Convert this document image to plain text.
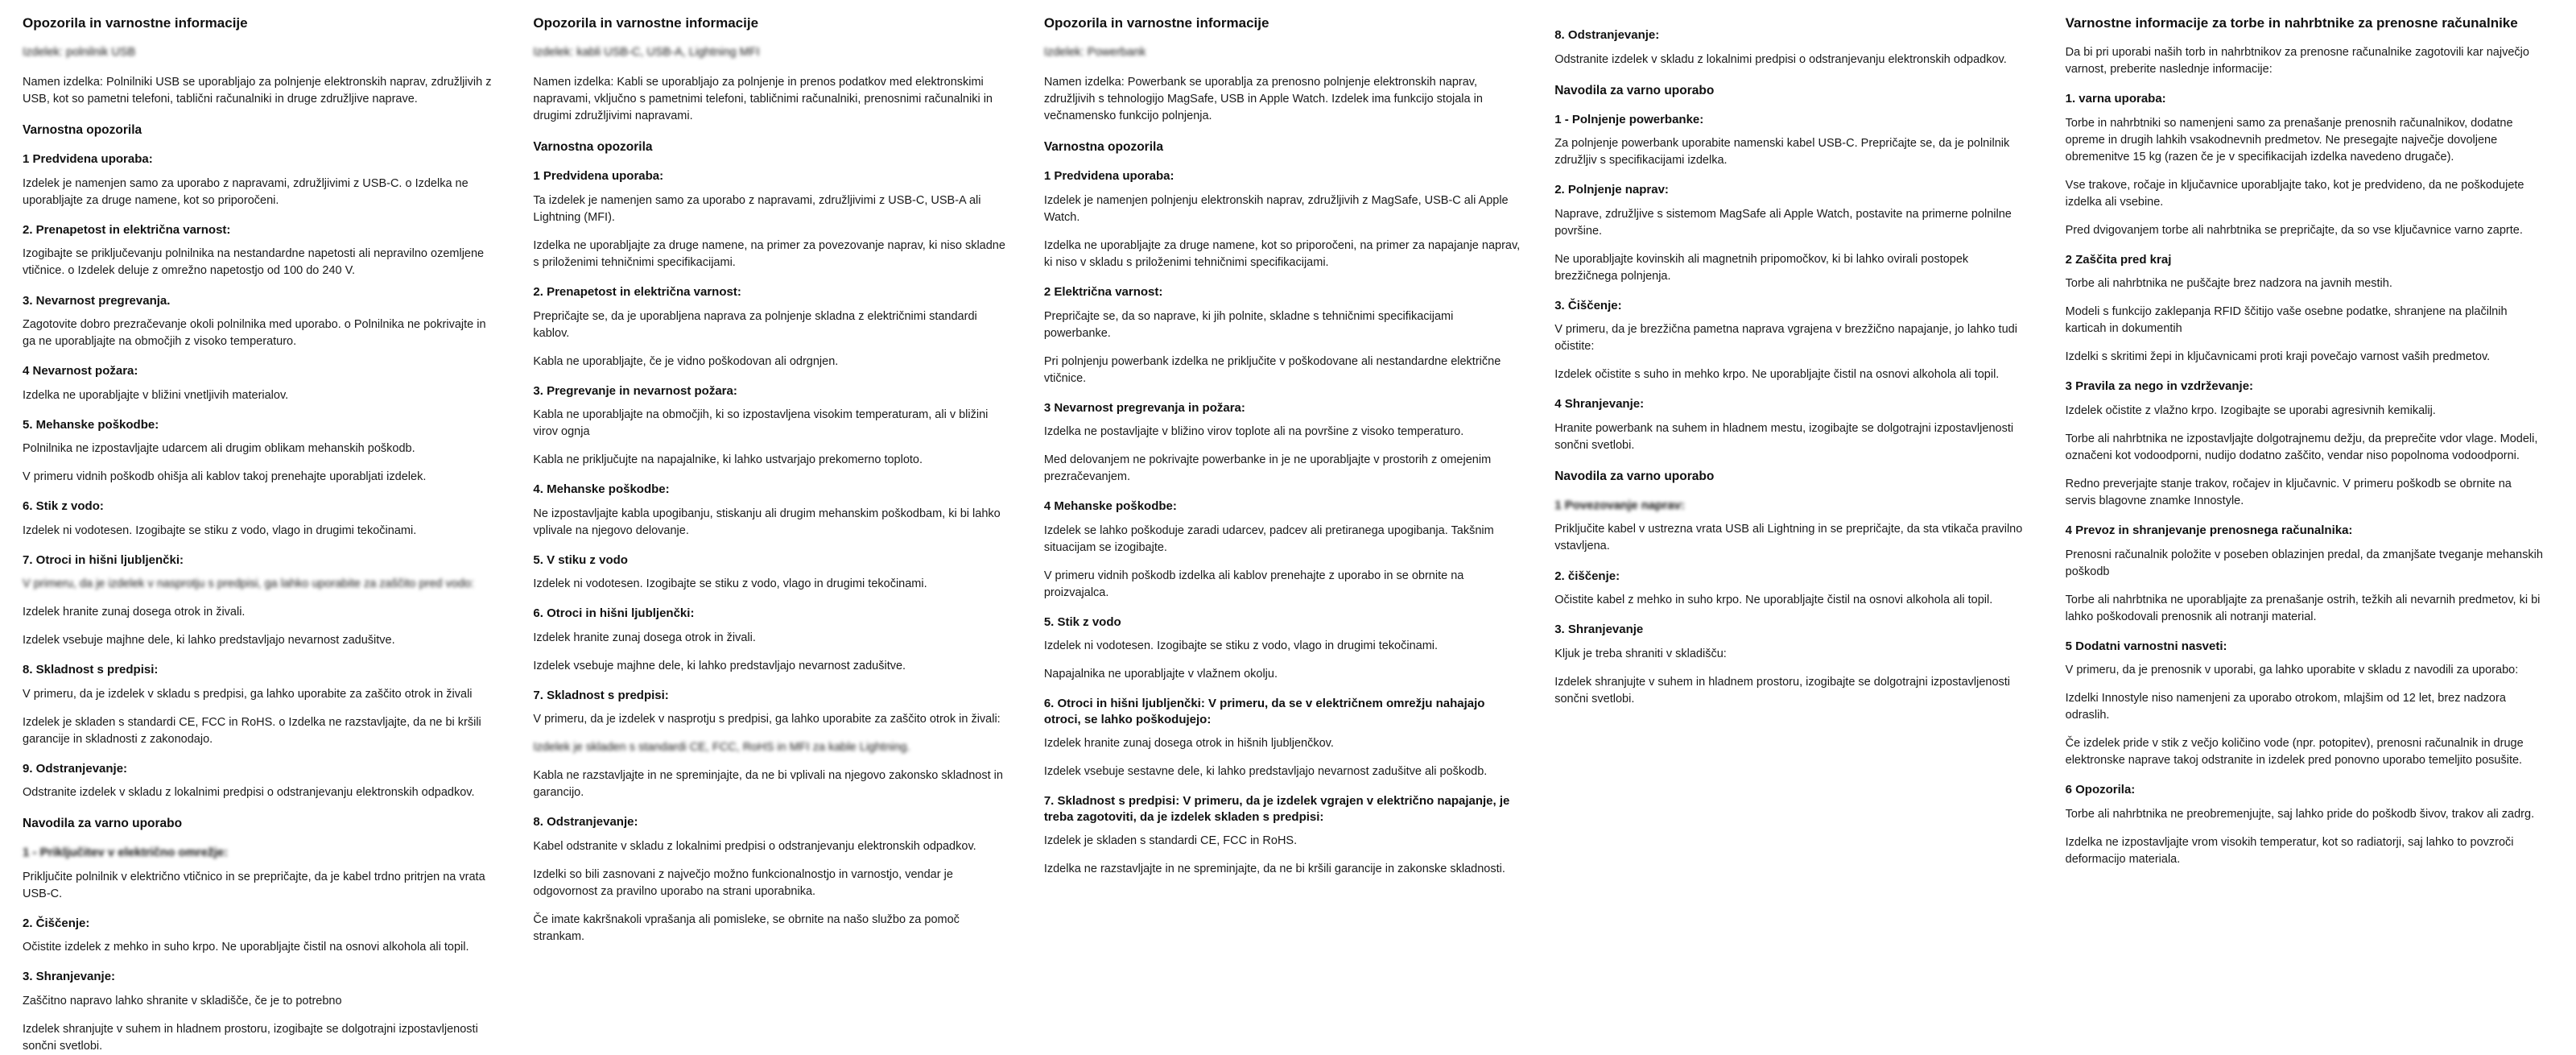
Opozorila in varnostne informacije

Izdelek: polnilnik USB

Namen izdelka: Polnilniki USB se uporabljajo za polnjenje elektronskih naprav, združljivih z USB, kot so pametni telefoni, tablični računalniki in druge združljive naprave.

Varnostna opozorila
1 Predvidena uporaba:

Izdelek je namenjen samo za uporabo z napravami, združljivimi z USB-C. o Izdelka ne uporabljajte za druge namene, kot so priporočeni.

2. Prenapetost in električna varnost:

Izogibajte se priključevanju polnilnika na nestandardne napetosti ali nepravilno ozemljene vtičnice. o Izdelek deluje z omrežno napetostjo od 100 do 240 V.

3. Nevarnost pregrevanja.

Zagotovite dobro prezračevanje okoli polnilnika med uporabo. o Polnilnika ne pokrivajte in ga ne uporabljajte na območjih z visoko temperaturo.

4 Nevarnost požara:

Izdelka ne uporabljajte v bližini vnetljivih materialov.

5. Mehanske poškodbe:

Polnilnika ne izpostavljajte udarcem ali drugim oblikam mehanskih poškodb.

V primeru vidnih poškodb ohišja ali kablov takoj prenehajte uporabljati izdelek.

6. Stik z vodo:

Izdelek ni vodotesen. Izogibajte se stiku z vodo, vlago in drugimi tekočinami.

7. Otroci in hišni ljubljenčki:

V primeru, da je izdelek v nasprotju s predpisi, ga lahko uporabite za zaščito pred vodo:

Izdelek hranite zunaj dosega otrok in živali.

Izdelek vsebuje majhne dele, ki lahko predstavljajo nevarnost zadušitve.

8. Skladnost s predpisi:

V primeru, da je izdelek v skladu s predpisi, ga lahko uporabite za zaščito otrok in živali

Izdelek je skladen s standardi CE, FCC in RoHS. o Izdelka ne razstavljajte, da ne bi kršili garancije in skladnosti z zakonodajo.

9. Odstranjevanje:

Odstranite izdelek v skladu z lokalnimi predpisi o odstranjevanju elektronskih odpadkov.

Navodila za varno uporabo
1 - Priključitev v električno omrežje:

Priključite polnilnik v električno vtičnico in se prepričajte, da je kabel trdno pritrjen na vrata USB-C.

2. Čiščenje:

Očistite izdelek z mehko in suho krpo. Ne uporabljajte čistil na osnovi alkohola ali topil.

3. Shranjevanje:

Zaščitno napravo lahko shranite v skladišče, če je to potrebno

Izdelek shranjujte v suhem in hladnem prostoru, izogibajte se dolgotrajni izpostavljenosti sončni svetlobi.

Opozorila in varnostne informacije

Izdelek: kabli USB-C, USB-A, Lightning MFI

Namen izdelka: Kabli se uporabljajo za polnjenje in prenos podatkov med elektronskimi napravami, vključno s pametnimi telefoni, tabličnimi računalniki, prenosnimi računalniki in drugimi združljivimi napravami.

Varnostna opozorila
1 Predvidena uporaba:

Ta izdelek je namenjen samo za uporabo z napravami, združljivimi z USB-C, USB-A ali Lightning (MFI).

Izdelka ne uporabljajte za druge namene, na primer za povezovanje naprav, ki niso skladne s priloženimi tehničnimi specifikacijami.

2. Prenapetost in električna varnost:

Prepričajte se, da je uporabljena naprava za polnjenje skladna z električnimi standardi kablov.

Kabla ne uporabljajte, če je vidno poškodovan ali odrgnjen.

3. Pregrevanje in nevarnost požara:

Kabla ne uporabljajte na območjih, ki so izpostavljena visokim temperaturam, ali v bližini virov ognja

Kabla ne priključujte na napajalnike, ki lahko ustvarjajo prekomerno toploto.

4. Mehanske poškodbe:

Ne izpostavljajte kabla upogibanju, stiskanju ali drugim mehanskim poškodbam, ki bi lahko vplivale na njegovo delovanje.

5. V stiku z vodo

Izdelek ni vodotesen. Izogibajte se stiku z vodo, vlago in drugimi tekočinami.

6. Otroci in hišni ljubljenčki:

Izdelek hranite zunaj dosega otrok in živali.

Izdelek vsebuje majhne dele, ki lahko predstavljajo nevarnost zadušitve.

7. Skladnost s predpisi:

V primeru, da je izdelek v nasprotju s predpisi, ga lahko uporabite za zaščito otrok in živali:

Izdelek je skladen s standardi CE, FCC, RoHS in MFI za kable Lightning.

Kabla ne razstavljajte in ne spreminjajte, da ne bi vplivali na njegovo zakonsko skladnost in garancijo.

8. Odstranjevanje:

Kabel odstranite v skladu z lokalnimi predpisi o odstranjevanju elektronskih odpadkov.

Izdelki so bili zasnovani z največjo možno funkcionalnostjo in varnostjo, vendar je odgovornost za pravilno uporabo na strani uporabnika.

Če imate kakršnakoli vprašanja ali pomisleke, se obrnite na našo službo za pomoč strankam.

Opozorila in varnostne informacije

Izdelek: Powerbank

Namen izdelka: Powerbank se uporablja za prenosno polnjenje elektronskih naprav, združljivih s tehnologijo MagSafe, USB in Apple Watch. Izdelek ima funkcijo stojala in večnamensko funkcijo polnjenja.

Varnostna opozorila
1 Predvidena uporaba:

Izdelek je namenjen polnjenju elektronskih naprav, združljivih z MagSafe, USB-C ali Apple Watch.

Izdelka ne uporabljajte za druge namene, kot so priporočeni, na primer za napajanje naprav, ki niso v skladu s priloženimi tehničnimi specifikacijami.

2 Električna varnost:

Prepričajte se, da so naprave, ki jih polnite, skladne s tehničnimi specifikacijami powerbanke.

Pri polnjenju powerbank izdelka ne priključite v poškodovane ali nestandardne električne vtičnice.

3 Nevarnost pregrevanja in požara:

Izdelka ne postavljajte v bližino virov toplote ali na površine z visoko temperaturo.

Med delovanjem ne pokrivajte powerbanke in je ne uporabljajte v prostorih z omejenim prezračevanjem.

4 Mehanske poškodbe:

Izdelek se lahko poškoduje zaradi udarcev, padcev ali pretiranega upogibanja. Takšnim situacijam se izogibajte.

V primeru vidnih poškodb izdelka ali kablov prenehajte z uporabo in se obrnite na proizvajalca.

5. Stik z vodo

Izdelek ni vodotesen. Izogibajte se stiku z vodo, vlago in drugimi tekočinami.

Napajalnika ne uporabljajte v vlažnem okolju.

6. Otroci in hišni ljubljenčki: V primeru, da se v električnem omrežju nahajajo otroci, se lahko poškodujejo:

Izdelek hranite zunaj dosega otrok in hišnih ljubljenčkov.

Izdelek vsebuje sestavne dele, ki lahko predstavljajo nevarnost zadušitve ali poškodb.

7. Skladnost s predpisi: V primeru, da je izdelek vgrajen v električno napajanje, je treba zagotoviti, da je izdelek skladen s predpisi:

Izdelek je skladen s standardi CE, FCC in RoHS.

Izdelka ne razstavljajte in ne spreminjajte, da ne bi kršili garancije in zakonske skladnosti.

8. Odstranjevanje:

Odstranite izdelek v skladu z lokalnimi predpisi o odstranjevanju elektronskih odpadkov.

Navodila za varno uporabo
1 - Polnjenje powerbanke:

Za polnjenje powerbank uporabite namenski kabel USB-C. Prepričajte se, da je polnilnik združljiv s specifikacijami izdelka.

2. Polnjenje naprav:

Naprave, združljive s sistemom MagSafe ali Apple Watch, postavite na primerne polnilne površine.

Ne uporabljajte kovinskih ali magnetnih pripomočkov, ki bi lahko ovirali postopek brezžičnega polnjenja.

3. Čiščenje:

V primeru, da je brezžična pametna naprava vgrajena v brezžično napajanje, jo lahko tudi očistite:

Izdelek očistite s suho in mehko krpo. Ne uporabljajte čistil na osnovi alkohola ali topil.

4 Shranjevanje:

Hranite powerbank na suhem in hladnem mestu, izogibajte se dolgotrajni izpostavljenosti sončni svetlobi.

Navodila za varno uporabo
1 Povezovanje naprav:

Priključite kabel v ustrezna vrata USB ali Lightning in se prepričajte, da sta vtikača pravilno vstavljena.

2. čiščenje:

Očistite kabel z mehko in suho krpo. Ne uporabljajte čistil na osnovi alkohola ali topil.

3. Shranjevanje

Kljuk je treba shraniti v skladišču:

Izdelek shranjujte v suhem in hladnem prostoru, izogibajte se dolgotrajni izpostavljenosti sončni svetlobi.

Varnostne informacije za torbe in nahrbtnike za prenosne računalnike

Da bi pri uporabi naših torb in nahrbtnikov za prenosne računalnike zagotovili kar največjo varnost, preberite naslednje informacije:

1. varna uporaba:

Torbe in nahrbtniki so namenjeni samo za prenašanje prenosnih računalnikov, dodatne opreme in drugih lahkih vsakodnevnih predmetov. Ne presegajte največje dovoljene obremenitve 15 kg (razen če je v specifikacijah izdelka navedeno drugače).

Vse trakove, ročaje in ključavnice uporabljajte tako, kot je predvideno, da ne poškodujete izdelka ali vsebine.

Pred dvigovanjem torbe ali nahrbtnika se prepričajte, da so vse ključavnice varno zaprte.

2 Zaščita pred kraj

Torbe ali nahrbtnika ne puščajte brez nadzora na javnih mestih.

Modeli s funkcijo zaklepanja RFID ščitijo vaše osebne podatke, shranjene na plačilnih karticah in dokumentih

Izdelki s skritimi žepi in ključavnicami proti kraji povečajo varnost vaših predmetov.

3 Pravila za nego in vzdrževanje:

Izdelek očistite z vlažno krpo. Izogibajte se uporabi agresivnih kemikalij.

Torbe ali nahrbtnika ne izpostavljajte dolgotrajnemu dežju, da preprečite vdor vlage. Modeli, označeni kot vodoodporni, nudijo dodatno zaščito, vendar niso popolnoma vodoodporni.

Redno preverjajte stanje trakov, ročajev in ključavnic. V primeru poškodb se obrnite na servis blagovne znamke Innostyle.

4 Prevoz in shranjevanje prenosnega računalnika:

Prenosni računalnik položite v poseben oblazinjen predal, da zmanjšate tveganje mehanskih poškodb

Torbe ali nahrbtnika ne uporabljajte za prenašanje ostrih, težkih ali nevarnih predmetov, ki bi lahko poškodovali prenosnik ali notranji material.

5 Dodatni varnostni nasveti:

V primeru, da je prenosnik v uporabi, ga lahko uporabite v skladu z navodili za uporabo:

Izdelki Innostyle niso namenjeni za uporabo otrokom, mlajšim od 12 let, brez nadzora odraslih.

Če izdelek pride v stik z večjo količino vode (npr. potopitev), prenosni računalnik in druge elektronske naprave takoj odstranite in izdelek pred ponovno uporabo temeljito posušite.

6 Opozorila:

Torbe ali nahrbtnika ne preobremenjujte, saj lahko pride do poškodb šivov, trakov ali zadrg.

Izdelka ne izpostavljajte vrom visokih temperatur, kot so radiatorji, saj lahko to povzroči deformacijo materiala.
